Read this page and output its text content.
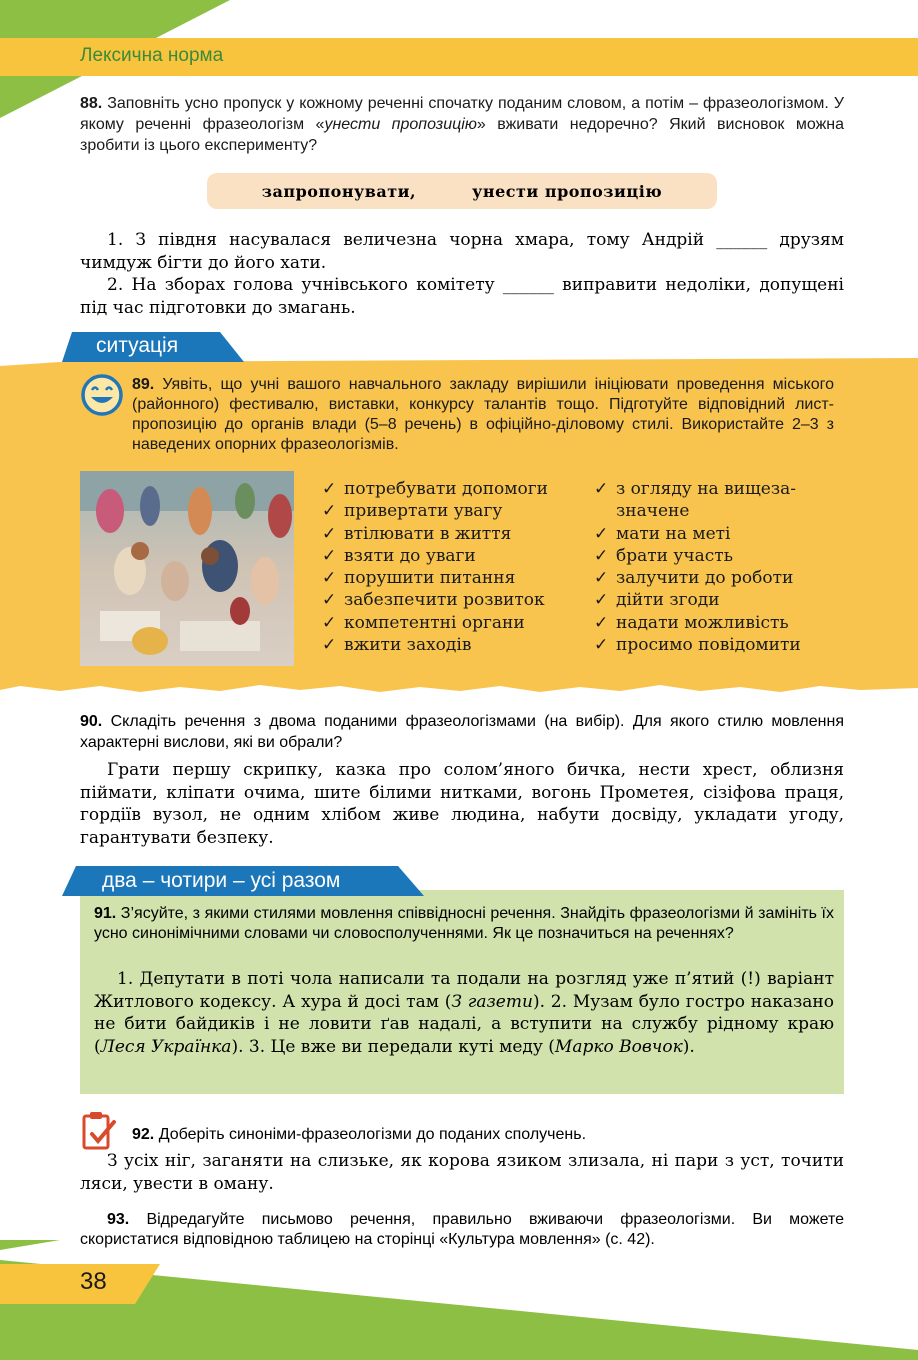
Лексична норма
88. Заповніть усно пропуск у кожному реченні спочатку поданим словом, а потім – фразеологізмом. У якому реченні фразеологізм «унести пропозицію» вживати недоречно? Який висновок можна зробити із цього експерименту?
запропонувати,	унести пропозицію

1. З півдня насувалася величезна чорна хмара, тому Андрій ______ друзям чимдуж бігти до його хати.

2. На зборах голова учнівського комітету ______ виправити недоліки, допущені під час підготовки до змагань.

ситуація
89. Уявіть, що учні вашого навчального закладу вирішили ініціювати проведення міського (районного) фестивалю, виставки, конкурсу талантів тощо. Підготуйте відповідний лист-пропозицію до органів влади (5–8 речень) в офіційно-діловому стилі. Використайте 2–3 з наведених опорних фразеологізмів.
✓ потребувати допомоги
✓ привертати увагу
✓ втілювати в життя
✓ взяти до уваги
✓ порушити питання
✓ забезпечити розвиток
✓ компетентні органи
✓ вжити заходів
✓ з огляду на вищеза-
значене
✓ мати на меті
✓ брати участь
✓ залучити до роботи
✓ дійти згоди
✓ надати можливість
✓ просимо повідомити
90. Складіть речення з двома поданими фразеологізмами (на вибір). Для якого стилю мовлення характерні вислови, які ви обрали?
Грати першу скрипку, казка про солом’яного бичка, нести хрест, облизня піймати, кліпати очима, шите білими нитками, вогонь Прометея, сізіфова праця, гордіїв вузол, не одним хлібом живе людина, набути досвіду, укладати угоду, гарантувати безпеку.
два – чотири – усі разом
91. З’ясуйте, з якими стилями мовлення співвідносні речення. Знайдіть фразеологізми й замініть їх усно синонімічними словами чи словосполученнями. Як це позначиться на реченнях?
1. Депутати в поті чола написали та подали на розгляд уже п’ятий (!) варіант Житлового кодексу. А хура й досі там (З газети). 2. Музам було гостро наказано не бити байдиків і не ловити ґав надалі, а вступити на службу рідному краю (Леся Українка). 3. Це вже ви передали куті меду (Марко Вовчок).
92. Доберіть синоніми-фразеологізми до поданих сполучень.
З усіх ніг, заганяти на слизьке, як корова язиком злизала, ні пари з уст, точити ляси, увести в оману.
93. Відредагуйте письмово речення, правильно вживаючи фразеологізми. Ви можете скористатися відповідною таблицею на сторінці «Культура мовлення» (с. 42).
38
